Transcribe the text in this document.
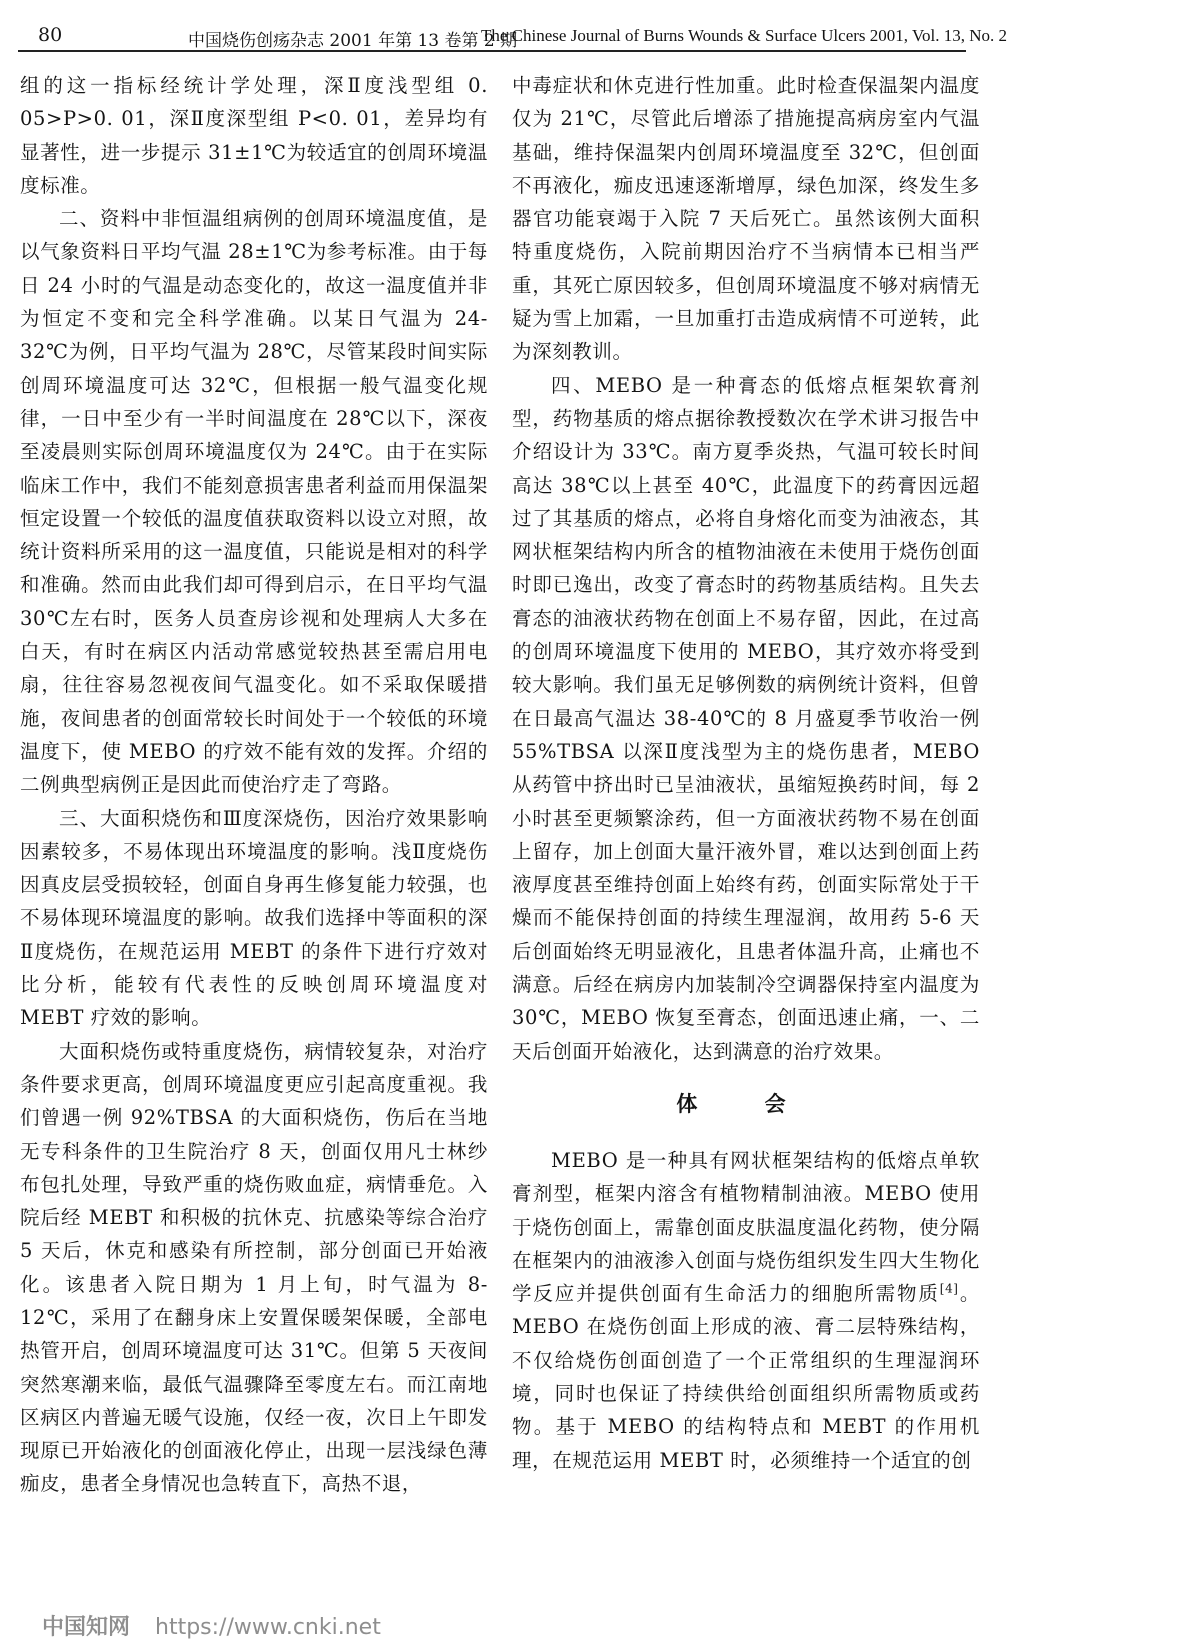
80	中国烧伤创疡杂志 2001 年第 13 卷第 2 期
The Chinese Journal of Burns Wounds & Surface Ulcers 2001, Vol. 13, No. 2

组的这一指标经统计学处理，深Ⅱ度浅型组 0. 05>P>0. 01，深Ⅱ度深型组 P<0. 01，差异均有显著性，进一步提示 31±1℃为较适宜的创周环境温度标准。

二、资料中非恒温组病例的创周环境温度值，是以气象资料日平均气温 28±1℃为参考标准。由于每日 24 小时的气温是动态变化的，故这一温度值并非为恒定不变和完全科学准确。以某日气温为 24-32℃为例，日平均气温为 28℃，尽管某段时间实际创周环境温度可达 32℃，但根据一般气温变化规律，一日中至少有一半时间温度在 28℃以下，深夜至凌晨则实际创周环境温度仅为 24℃。由于在实际临床工作中，我们不能刻意损害患者利益而用保温架恒定设置一个较低的温度值获取资料以设立对照，故统计资料所采用的这一温度值，只能说是相对的科学和准确。然而由此我们却可得到启示，在日平均气温 30℃左右时，医务人员查房诊视和处理病人大多在白天，有时在病区内活动常感觉较热甚至需启用电扇，往往容易忽视夜间气温变化。如不采取保暖措施，夜间患者的创面常较长时间处于一个较低的环境温度下，使 MEBO 的疗效不能有效的发挥。介绍的二例典型病例正是因此而使治疗走了弯路。

三、大面积烧伤和Ⅲ度深烧伤，因治疗效果影响因素较多，不易体现出环境温度的影响。浅Ⅱ度烧伤因真皮层受损较轻，创面自身再生修复能力较强，也不易体现环境温度的影响。故我们选择中等面积的深Ⅱ度烧伤，在规范运用 MEBT 的条件下进行疗效对比分析，能较有代表性的反映创周环境温度对 MEBT 疗效的影响。

大面积烧伤或特重度烧伤，病情较复杂，对治疗条件要求更高，创周环境温度更应引起高度重视。我们曾遇一例 92%TBSA 的大面积烧伤，伤后在当地无专科条件的卫生院治疗 8 天，创面仅用凡士林纱布包扎处理，导致严重的烧伤败血症，病情垂危。入院后经 MEBT 和积极的抗休克、抗感染等综合治疗 5 天后，休克和感染有所控制，部分创面已开始液化。该患者入院日期为 1 月上旬，时气温为 8-12℃，采用了在翻身床上安置保暖架保暖，全部电热管开启，创周环境温度可达 31℃。但第 5 天夜间突然寒潮来临，最低气温骤降至零度左右。而江南地区病区内普遍无暖气设施，仅经一夜，次日上午即发现原已开始液化的创面液化停止，出现一层浅绿色薄痂皮，患者全身情况也急转直下，高热不退，

中毒症状和休克进行性加重。此时检查保温架内温度仅为 21℃，尽管此后增添了措施提高病房室内气温基础，维持保温架内创周环境温度至 32℃，但创面不再液化，痂皮迅速逐渐增厚，绿色加深，终发生多器官功能衰竭于入院 7 天后死亡。虽然该例大面积特重度烧伤，入院前期因治疗不当病情本已相当严重，其死亡原因较多，但创周环境温度不够对病情无疑为雪上加霜，一旦加重打击造成病情不可逆转，此为深刻教训。

四、MEBO 是一种膏态的低熔点框架软膏剂型，药物基质的熔点据徐教授数次在学术讲习报告中介绍设计为 33℃。南方夏季炎热，气温可较长时间高达 38℃以上甚至 40℃，此温度下的药膏因远超过了其基质的熔点，必将自身熔化而变为油液态，其网状框架结构内所含的植物油液在未使用于烧伤创面时即已逸出，改变了膏态时的药物基质结构。且失去膏态的油液状药物在创面上不易存留，因此，在过高的创周环境温度下使用的 MEBO，其疗效亦将受到较大影响。我们虽无足够例数的病例统计资料，但曾在日最高气温达 38-40℃的 8 月盛夏季节收治一例 55%TBSA 以深Ⅱ度浅型为主的烧伤患者，MEBO 从药管中挤出时已呈油液状，虽缩短换药时间，每 2 小时甚至更频繁涂药，但一方面液状药物不易在创面上留存，加上创面大量汗液外冒，难以达到创面上药液厚度甚至维持创面上始终有药，创面实际常处于干燥而不能保持创面的持续生理湿润，故用药 5-6 天后创面始终无明显液化，且患者体温升高，止痛也不满意。后经在病房内加装制冷空调器保持室内温度为 30℃，MEBO 恢复至膏态，创面迅速止痛，一、二天后创面开始液化，达到满意的治疗效果。

体 会

MEBO 是一种具有网状框架结构的低熔点单软膏剂型，框架内溶含有植物精制油液。MEBO 使用于烧伤创面上，需靠创面皮肤温度温化药物，使分隔在框架内的油液渗入创面与烧伤组织发生四大生物化学反应并提供创面有生命活力的细胞所需物质[4]。MEBO 在烧伤创面上形成的液、膏二层特殊结构，不仅给烧伤创面创造了一个正常组织的生理湿润环境，同时也保证了持续供给创面组织所需物质或药物。基于 MEBO 的结构特点和 MEBT 的作用机理，在规范运用 MEBT 时，必须维持一个适宜的创

中国知网 https://www.cnki.net
